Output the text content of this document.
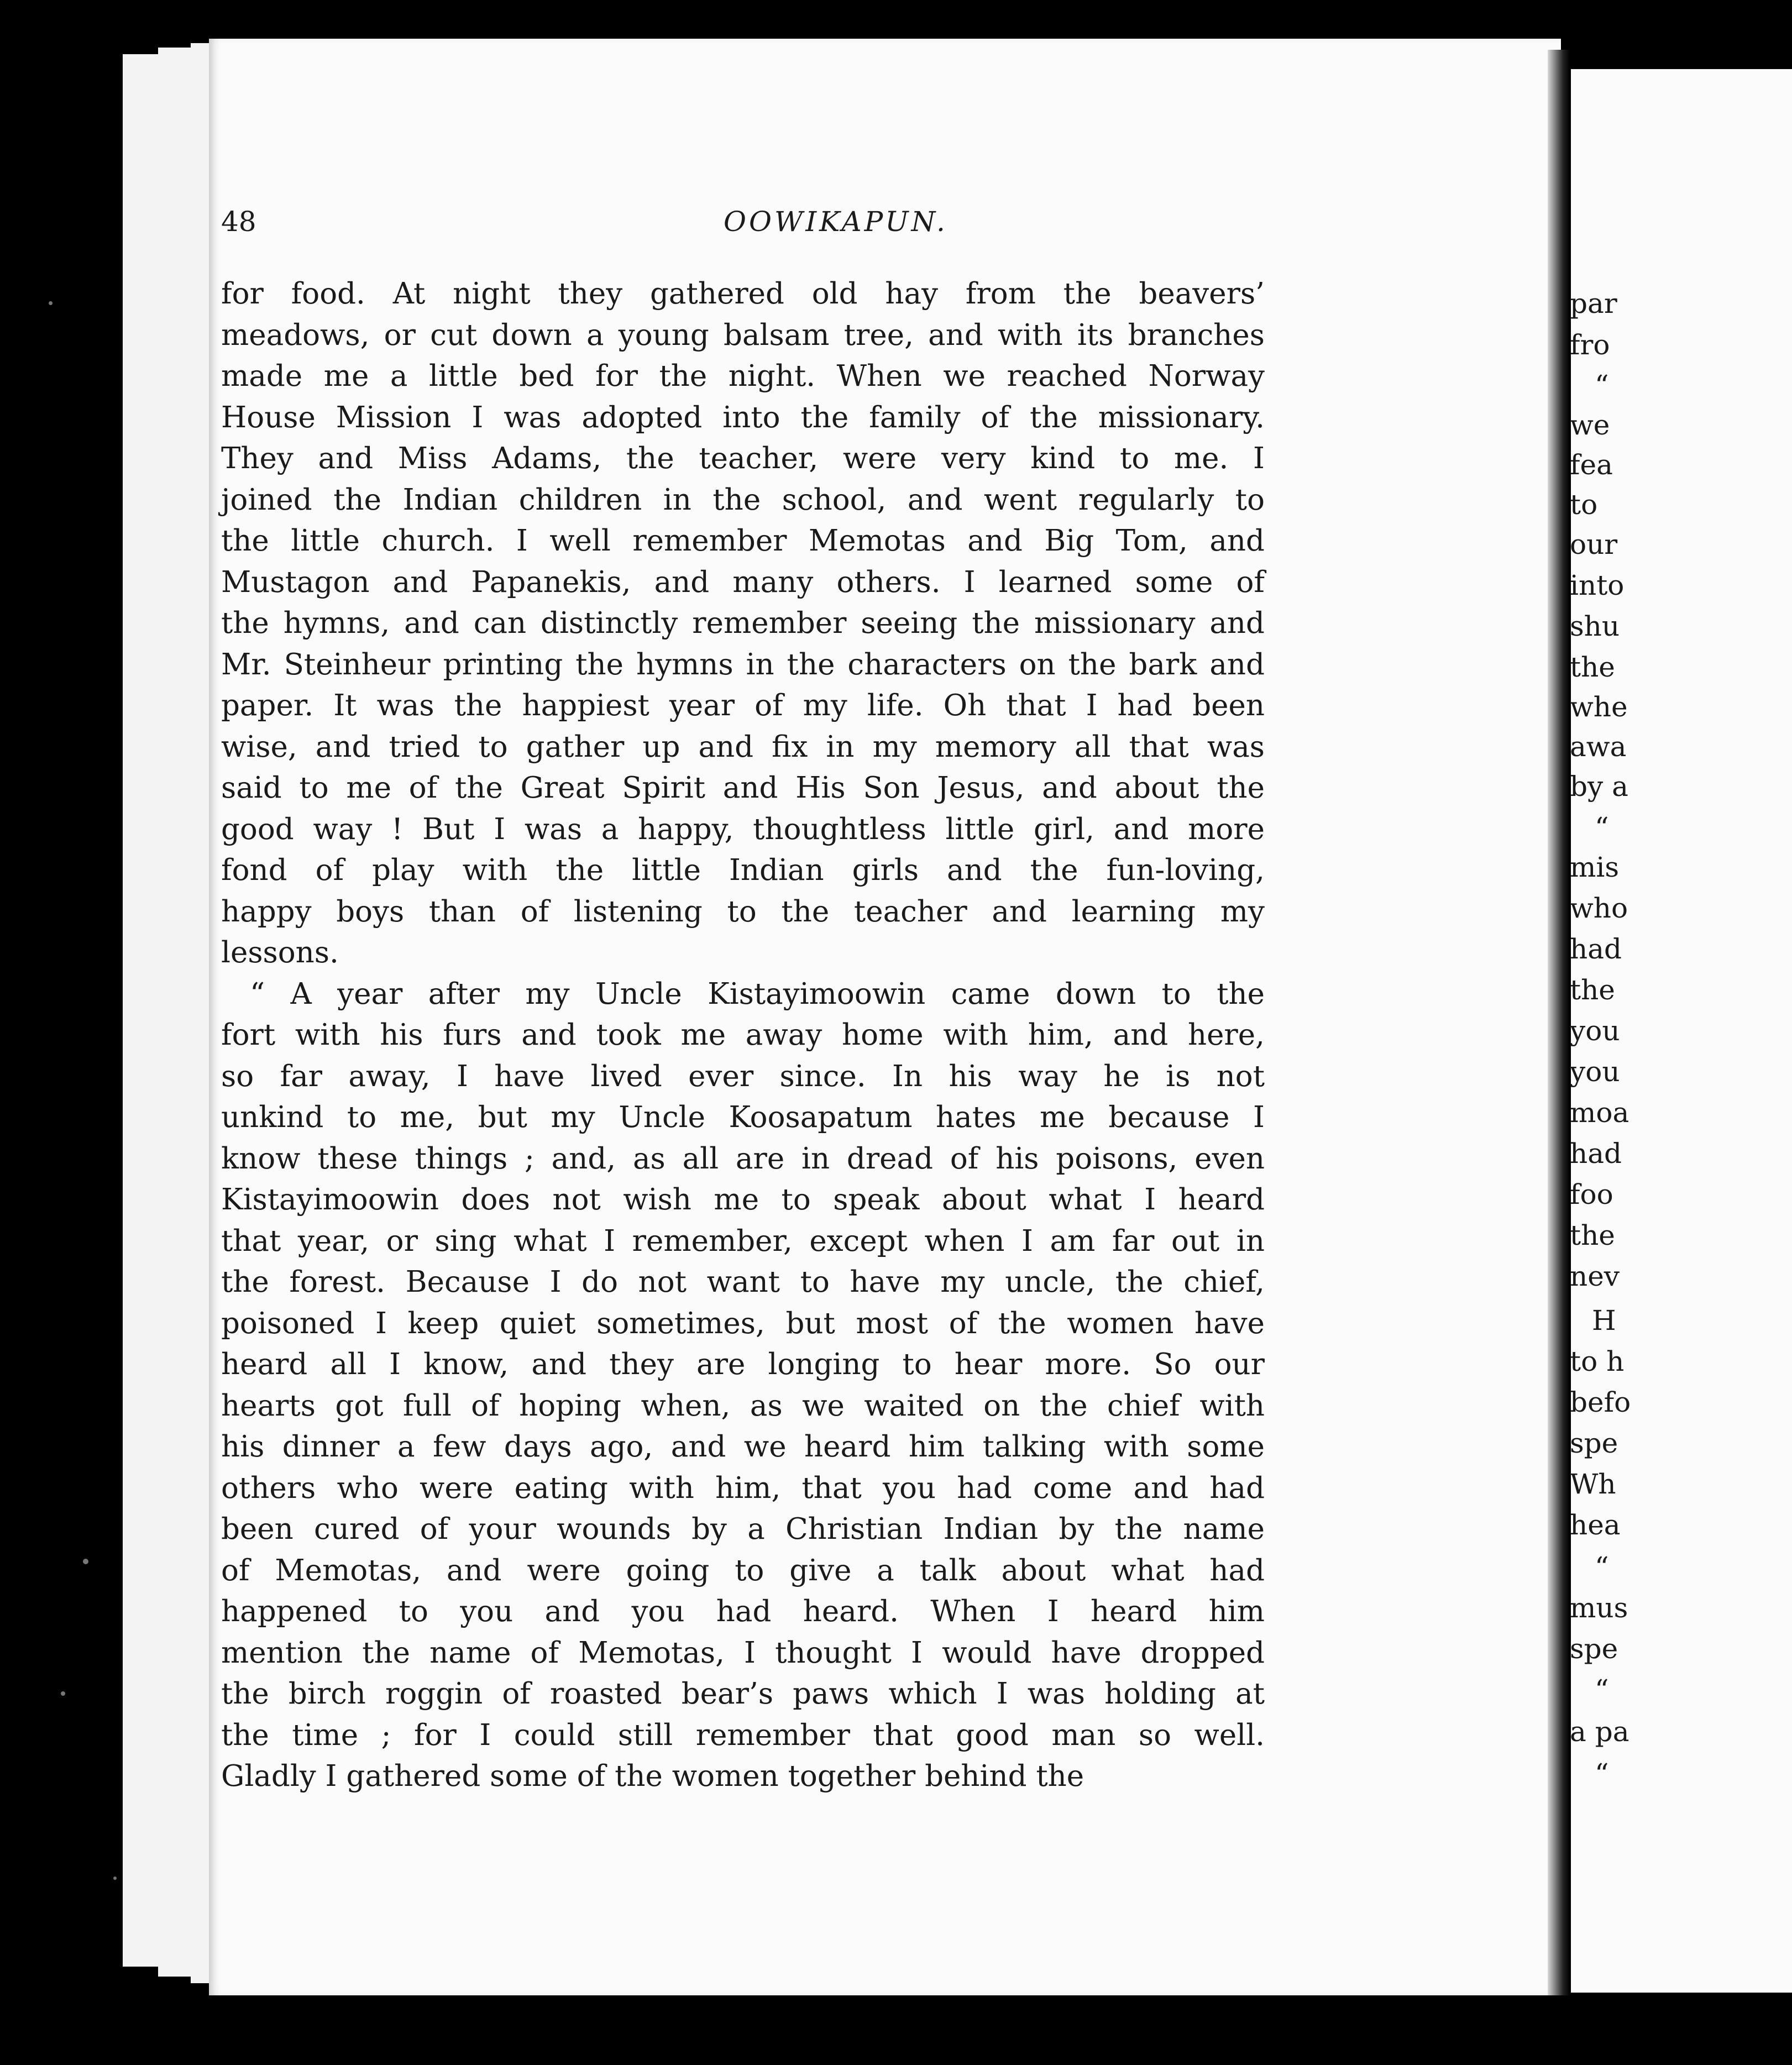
48	OOWIKAPUN.
for food. At night they gathered old hay from the beavers’
meadows, or cut down a young balsam tree, and with its branches
made me a little bed for the night. When we reached Norway
House Mission I was adopted into the family of the missionary.
They and Miss Adams, the teacher, were very kind to me. I
joined the Indian children in the school, and went regularly to
the little church. I well remember Memotas and Big Tom, and
Mustagon and Papanekis, and many others. I learned some of
the hymns, and can distinctly remember seeing the missionary and
Mr. Steinheur printing the hymns in the characters on the bark and
paper. It was the happiest year of my life. Oh that I had been
wise, and tried to gather up and fix in my memory all that was
said to me of the Great Spirit and His Son Jesus, and about the
good way ! But I was a happy, thoughtless little girl, and more
fond of play with the little Indian girls and the fun-loving,
happy boys than of listening to the teacher and learning my
lessons.
“ A year after my Uncle Kistayimoowin came down to the
fort with his furs and took me away home with him, and here,
so far away, I have lived ever since. In his way he is not
unkind to me, but my Uncle Koosapatum hates me because I
know these things ; and, as all are in dread of his poisons, even
Kistayimoowin does not wish me to speak about what I heard
that year, or sing what I remember, except when I am far out in
the forest. Because I do not want to have my uncle, the chief,
poisoned I keep quiet sometimes, but most of the women have
heard all I know, and they are longing to hear more. So our
hearts got full of hoping when, as we waited on the chief with
his dinner a few days ago, and we heard him talking with some
others who were eating with him, that you had come and had
been cured of your wounds by a Christian Indian by the name
of Memotas, and were going to give a talk about what had
happened to you and you had heard. When I heard him
mention the name of Memotas, I thought I would have dropped
the birch roggin of roasted bear’s paws which I was holding at
the time ; for I could still remember that good man so well.
Gladly I gathered some of the women together behind the
par
fro
“
we
fea
to
our
into
shu
the
whe
awa
by a
“
mis
who
had
the
you
you
moa
had
foo
the
nev
H
to h
befo
spe
Wh
hea
“
mus
spe
“
a pa
“
